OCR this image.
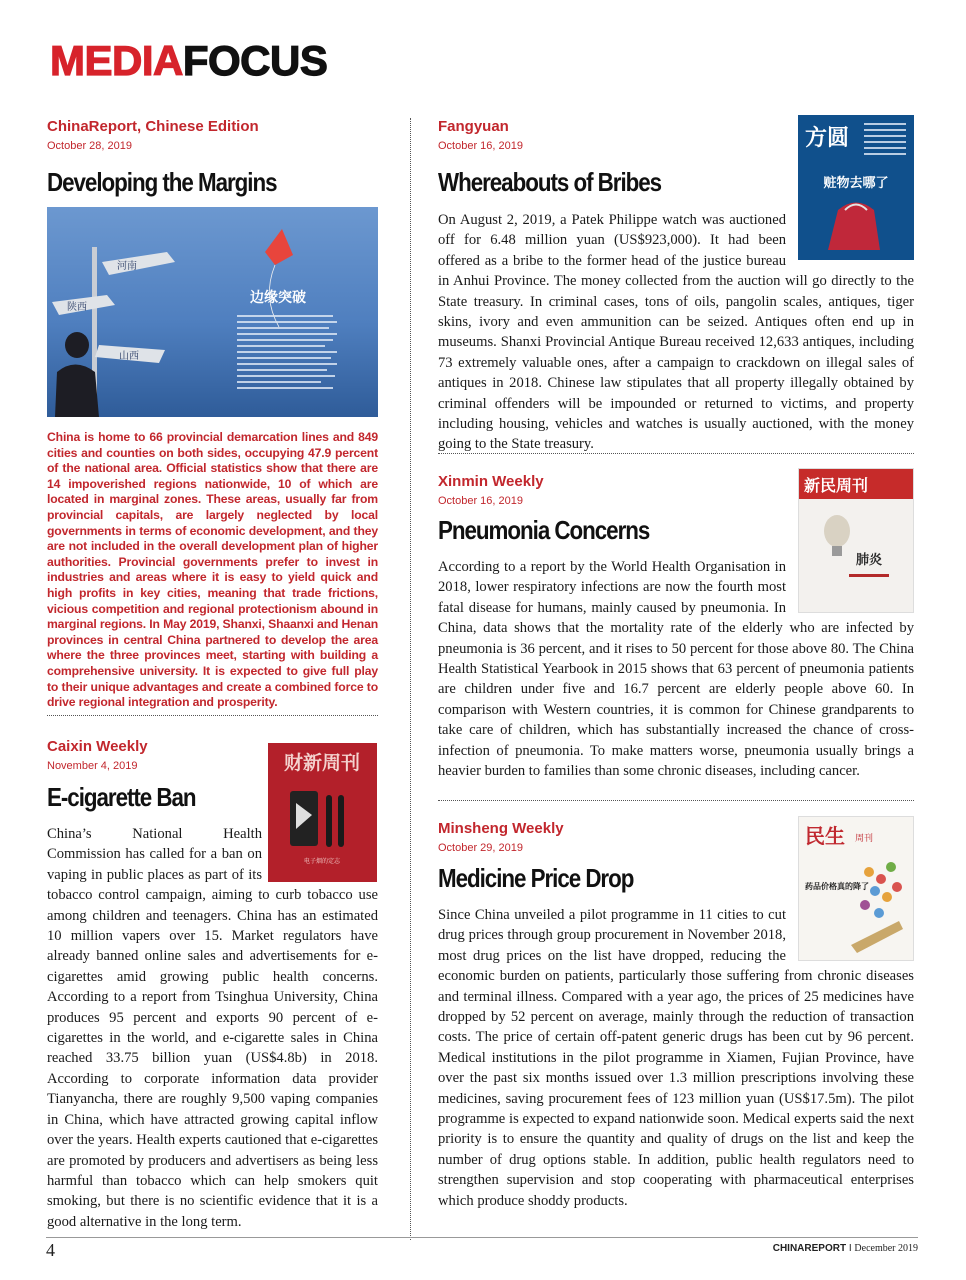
MEDIAFOCUS
ChinaReport, Chinese Edition
October 28, 2019
Developing the Margins
河南
陕西
山西
边缘突破

China is home to 66 provincial demarcation lines and 849 cities and counties on both sides, occupying 47.9 percent of the national area. Official statistics show that there are 14 impoverished regions nationwide, 10 of which are located in marginal zones. These areas, usually far from provincial capitals, are largely neglected by local governments in terms of economic development, and they are not included in the overall development plan of higher authorities. Provincial governments prefer to invest in industries and areas where it is easy to yield quick and high profits in key cities, meaning that trade frictions, vicious competition and regional protectionism abound in marginal regions. In May 2019, Shanxi, Shaanxi and Henan provinces in central China partnered to develop the area where the three provinces meet, starting with building a comprehensive university. It is expected to give full play to their unique advantages and create a combined force to drive regional integration and prosperity.

Caixin Weekly
November 4, 2019
E-cigarette Ban
财新周刊
电子烟的定志

China’s National Health Commission has called for a ban on vaping in public places as part of its tobacco control campaign, aiming to curb tobacco use among children and teenagers. China has an estimated 10 million vapers over 15. Market regulators have already banned online sales and advertisements for e-cigarettes amid growing public health concerns. According to a report from Tsinghua University, China produces 95 percent and exports 90 percent of e-cigarettes in the world, and e-cigarette sales in China reached 33.75 billion yuan (US$4.8b) in 2018. According to corporate information data provider Tianyancha, there are roughly 9,500 vaping companies in China, which have attracted growing capital inflow over the years. Health experts cautioned that e-cigarettes are promoted by producers and advertisers as being less harmful than tobacco which can help smokers quit smoking, but there is no scientific evidence that it is a good alternative in the long term.

Fangyuan
October 16, 2019
Whereabouts of Bribes
方圆
赃物去哪了

On August 2, 2019, a Patek Philippe watch was auctioned off for 6.48 million yuan (US$923,000). It had been offered as a bribe to the former head of the justice bureau in Anhui Province. The money collected from the auction will go directly to the State treasury. In criminal cases, tons of oils, pangolin scales, antiques, tiger skins, ivory and even ammunition can be seized. Antiques often end up in museums. Shanxi Provincial Antique Bureau received 12,633 antiques, including 73 extremely valuable ones, after a campaign to crackdown on illegal sales of antiques in 2018. Chinese law stipulates that all property illegally obtained by criminal offenders will be impounded or returned to victims, and property including housing, vehicles and watches is usually auctioned, with the money going to the State treasury.

Xinmin Weekly
October 16, 2019
Pneumonia Concerns
新民周刊
肺炎

According to a report by the World Health Organisation in 2018, lower respiratory infections are now the fourth most fatal disease for humans, mainly caused by pneumonia. In China, data shows that the mortality rate of the elderly who are infected by pneumonia is 36 percent, and it rises to 50 percent for those above 80. The China Health Statistical Yearbook in 2015 shows that 63 percent of pneumonia patients are children under five and 16.7 percent are elderly people above 60. In comparison with Western countries, it is common for Chinese grandparents to take care of children, which has substantially increased the chance of cross-infection of pneumonia. To make matters worse, pneumonia usually brings a heavier burden to families than some chronic diseases, including cancer.

Minsheng Weekly
October 29, 2019
Medicine Price Drop
民生 周刊
药品价格真的降了

Since China unveiled a pilot programme in 11 cities to cut drug prices through group procurement in November 2018, most drug prices on the list have dropped, reducing the economic burden on patients, particularly those suffering from chronic diseases and terminal illness. Compared with a year ago, the prices of 25 medicines have dropped by 52 percent on average, mainly through the reduction of transaction costs. The price of certain off-patent generic drugs has been cut by 96 percent. Medical institutions in the pilot programme in Xiamen, Fujian Province, have over the past six months issued over 1.3 million prescriptions involving these medicines, saving procurement fees of 123 million yuan (US$17.5m). The pilot programme is expected to expand nationwide soon. Medical experts said the next priority is to ensure the quantity and quality of drugs on the list and keep the number of drug options stable. In addition, public health regulators need to strengthen supervision and stop cooperating with pharmaceutical enterprises which produce shoddy products.

4	CHINAREPORT I December 2019
